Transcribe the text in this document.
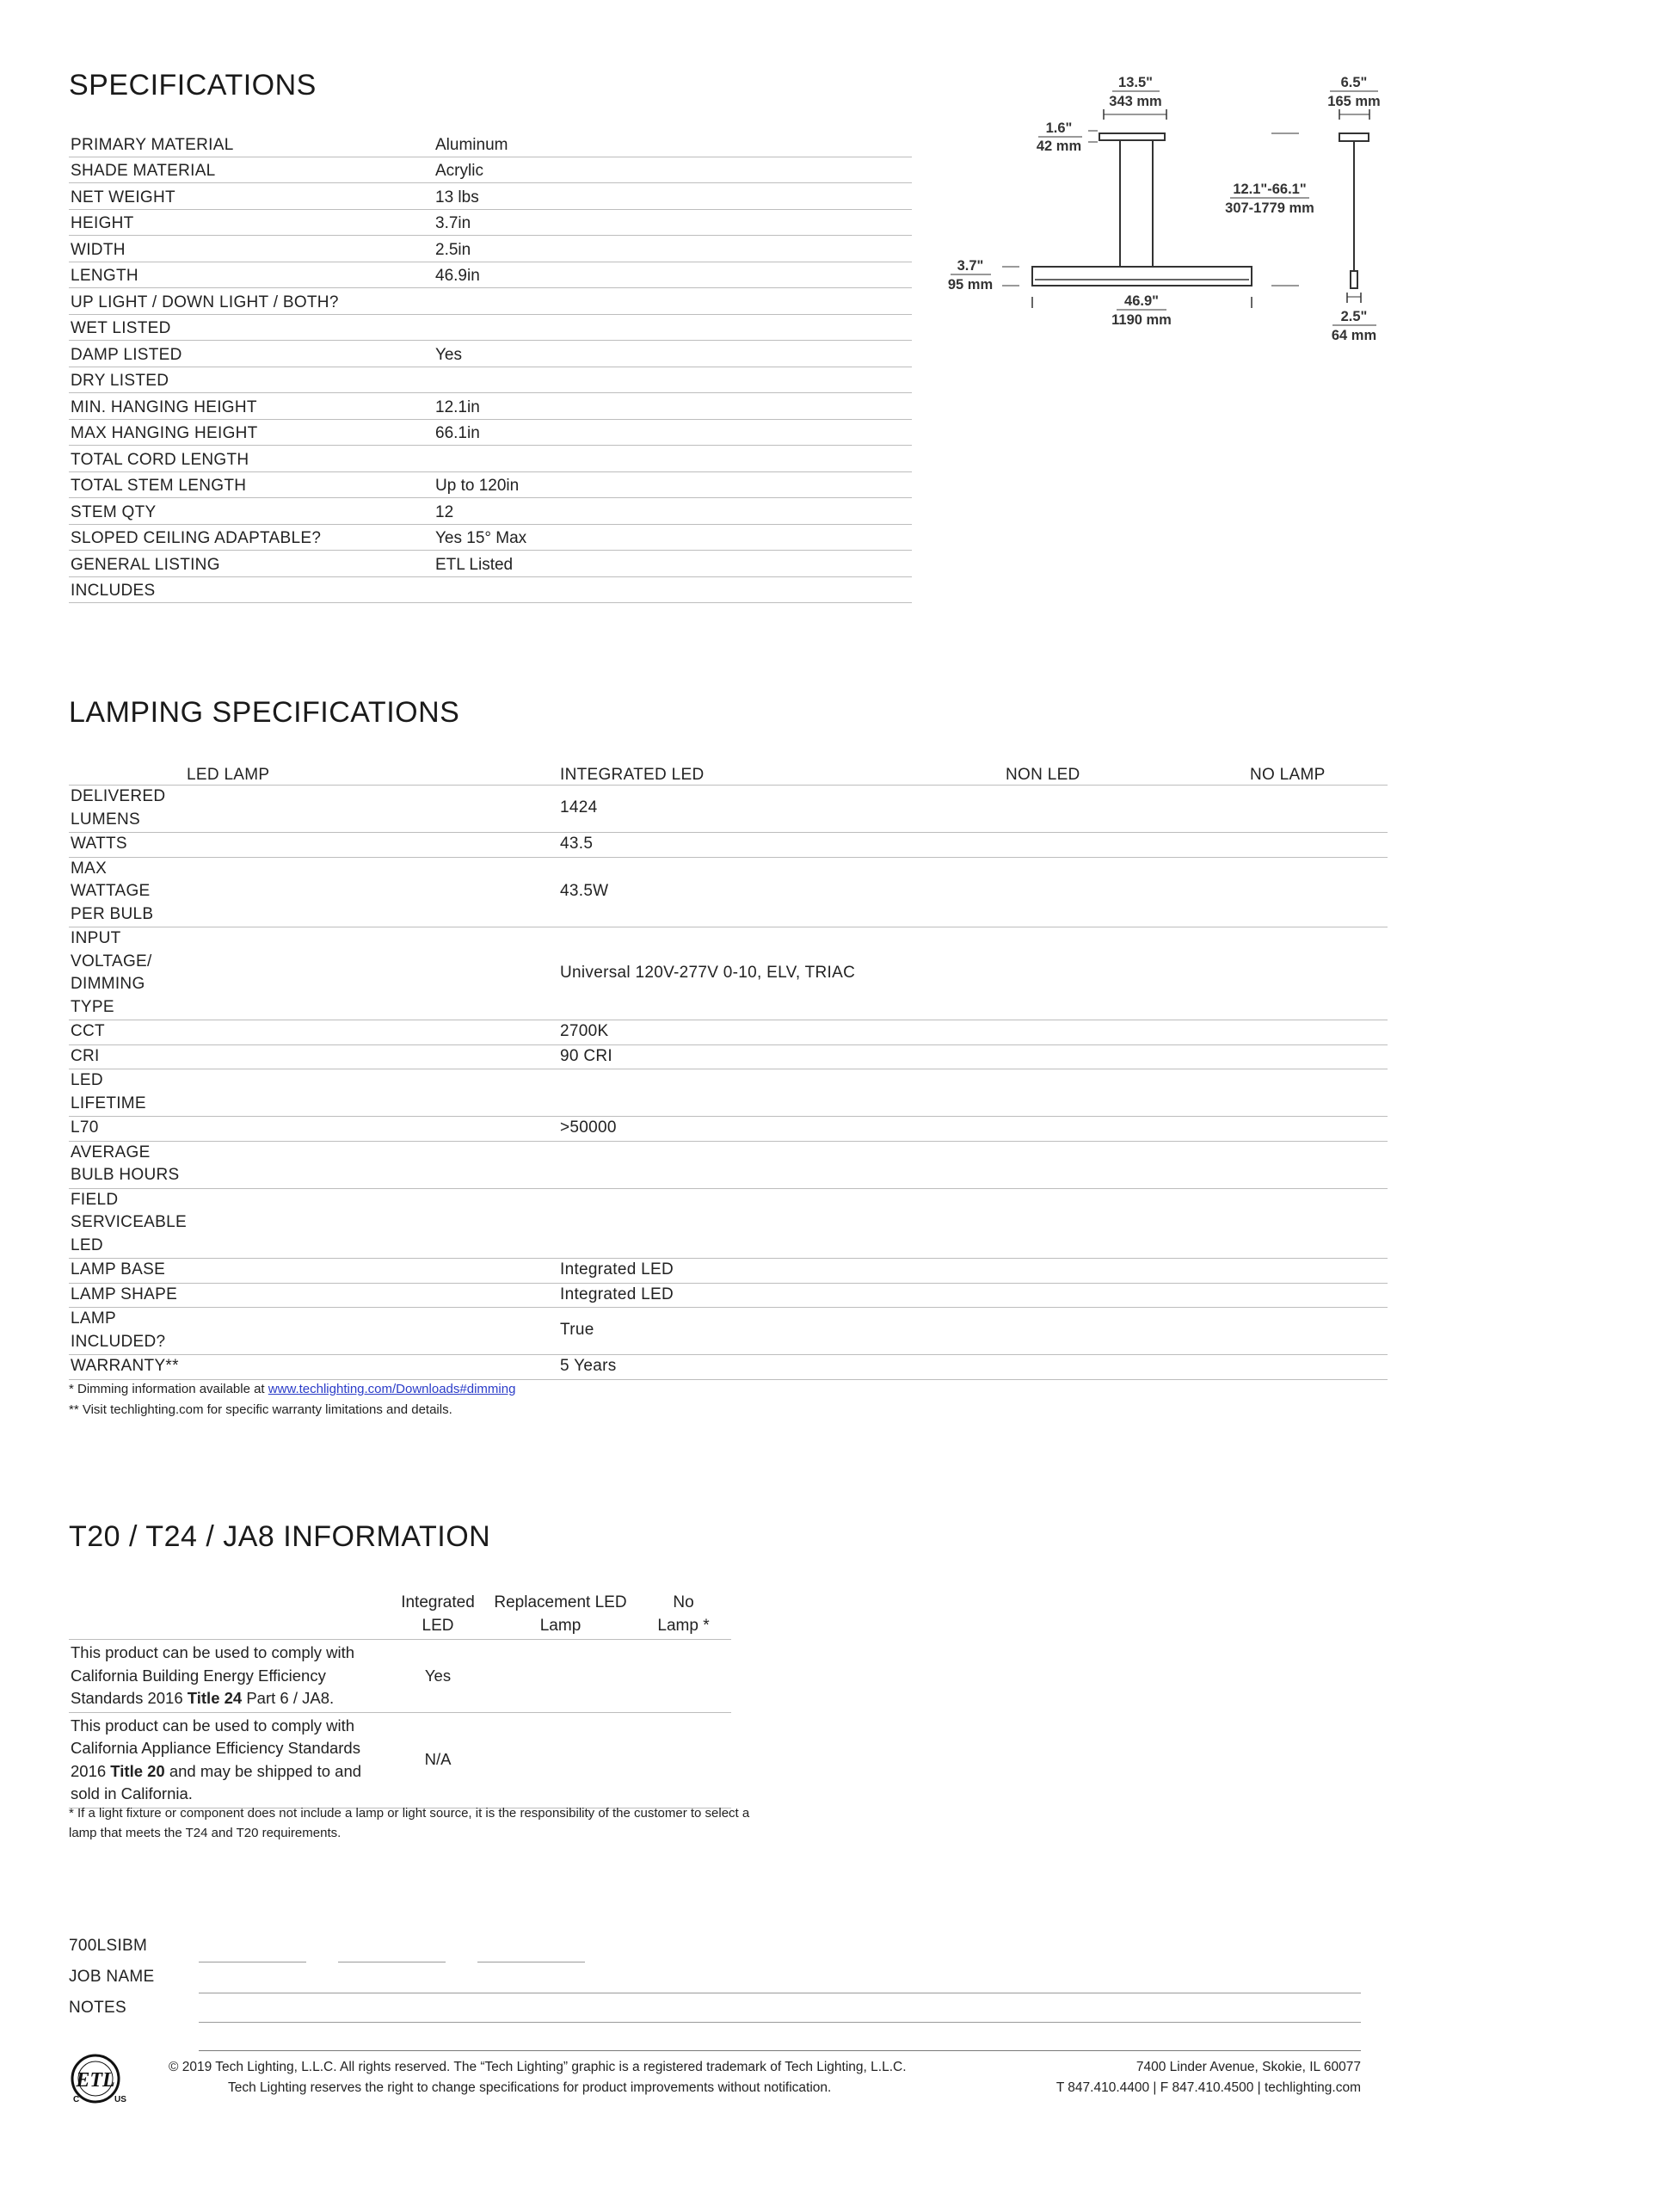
SPECIFICATIONS
PRIMARY MATERIAL	Aluminum
SHADE MATERIAL	Acrylic
NET WEIGHT	13 lbs
HEIGHT	3.7in
WIDTH	2.5in
LENGTH	46.9in
UP LIGHT / DOWN LIGHT / BOTH?	
WET LISTED	
DAMP LISTED	Yes
DRY LISTED	
MIN. HANGING HEIGHT	12.1in
MAX HANGING HEIGHT	66.1in
TOTAL CORD LENGTH	
TOTAL STEM LENGTH	Up to 120in
STEM QTY	12
SLOPED CEILING ADAPTABLE?	Yes 15° Max
GENERAL LISTING	ETL Listed
INCLUDES	
13.5"
343 mm
1.6"
42 mm
6.5"
165 mm
12.1"-66.1"
307-1779 mm
3.7"
95 mm
46.9"
1190 mm	2.5"
64 mm
LAMPING SPECIFICATIONS
LED LAMP	INTEGRATED LED	NON LED	NO LAMP

DELIVERED LUMENS	1424		

WATTS	43.5		

MAX WATTAGE PER BULB	43.5W		

INPUT VOLTAGE/ DIMMING TYPE	Universal 120V-277V 0-10, ELV, TRIAC		

CCT	2700K		

CRI	90 CRI		

LED LIFETIME			

L70	>50000		

AVERAGE BULB HOURS			

FIELD SERVICEABLE LED			

LAMP BASE	Integrated LED		

LAMP SHAPE	Integrated LED		

LAMP INCLUDED?	True		

WARRANTY**	5 Years		
* Dimming information available at www.techlighting.com/Downloads#dimming
** Visit techlighting.com for specific warranty limitations and details.
T20 / T24 / JA8 INFORMATION

	Integrated LED	Replacement LED Lamp	No Lamp *

This product can be used to comply with California Building Energy Efficiency Standards 2016 Title 24 Part 6 / JA8.	Yes		
This product can be used to comply with California Appliance Efficiency Standards 2016 Title 20 and may be shipped to and sold in California.	N/A		
* If a light fixture or component does not include a lamp or light source, it is the responsibility of the customer to select a lamp that meets the T24 and T20 requirements.
700LSIBM
JOB NAME
NOTES
ETL
C	US
© 2019 Tech Lighting, L.L.C. All rights reserved. The “Tech Lighting” graphic is a registered trademark of Tech Lighting, L.L.C.
Tech Lighting reserves the right to change specifications for product improvements without notification.
7400 Linder Avenue, Skokie, IL 60077
T 847.410.4400 | F 847.410.4500 | techlighting.com
